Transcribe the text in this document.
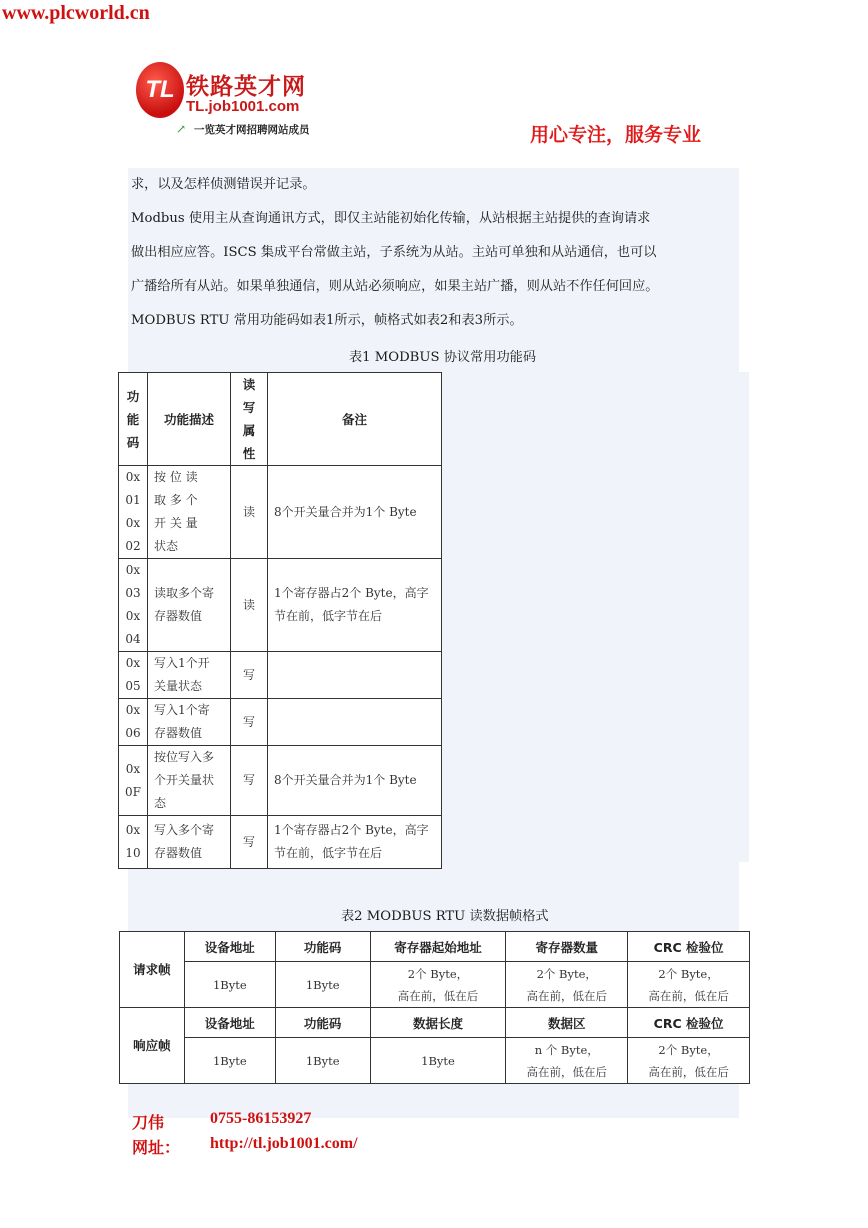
www.plcworld.cn
TL 铁路英才网
TL.job1001.com
↗ 一览英才网招聘网站成员	用心专注，服务专业
求，以及怎样侦测错误并记录。
Modbus 使用主从查询通讯方式，即仅主站能初始化传输，从站根据主站提供的查询请求
做出相应应答。ISCS 集成平台常做主站，子系统为从站。主站可单独和从站通信，也可以
广播给所有从站。如果单独通信，则从站必须响应，如果主站广播，则从站不作任何回应。
MODBUS RTU 常用功能码如表1所示，帧格式如表2和表3所示。
表1 MODBUS 协议常用功能码
功
能
码	功能描述	读
写
属
性	备注
0x
01
0x
02	按 位 读
取 多 个
开 关 量
状态	读	8个开关量合并为1个 Byte
0x
03
0x
04	读取多个寄
存器数值	读	1个寄存器占2个 Byte，高字
节在前，低字节在后
0x
05	写入1个开
关量状态	写	
0x
06	写入1个寄
存器数值	写	
0x
0F	按位写入多
个开关量状
态	写	8个开关量合并为1个 Byte
0x
10	写入多个寄
存器数值	写	1个寄存器占2个 Byte，高字
节在前，低字节在后
表2 MODBUS RTU 读数据帧格式
请求帧	设备地址	功能码	寄存器起始地址	寄存器数量	CRC 检验位
	1Byte	1Byte	2个 Byte，
高在前，低在后	2个 Byte，
高在前，低在后	2个 Byte，
高在前，低在后
响应帧	设备地址	功能码	数据长度	数据区	CRC 检验位
	1Byte	1Byte	1Byte	n 个 Byte，
高在前，低在后	2个 Byte，
高在前，低在后
刀伟	0755-86153927
网址： http://tl.job1001.com/
